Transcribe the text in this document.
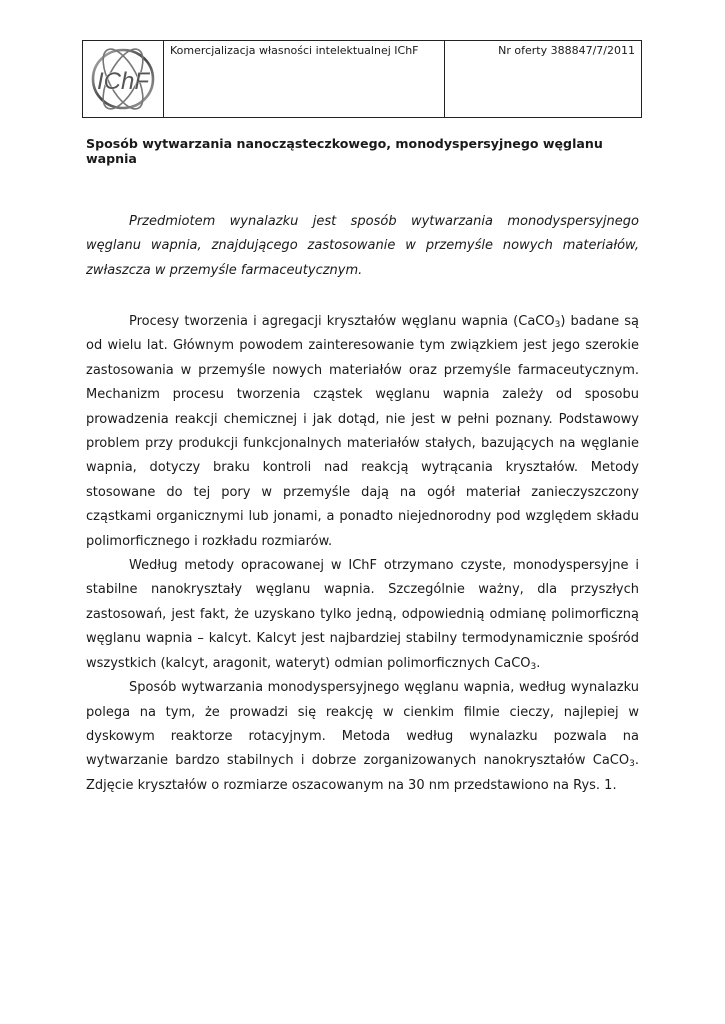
IChF
	Komercjalizacja własności intelektualnej IChF	Nr oferty 388847/7/2011
Sposób wytwarzania nanocząsteczkowego, monodyspersyjnego węglanu wapnia

Przedmiotem wynalazku jest sposób wytwarzania monodyspersyjnego węglanu wapnia, znajdującego zastosowanie w przemyśle nowych materiałów, zwłaszcza w przemyśle farmaceutycznym.

Procesy tworzenia i agregacji kryształów węglanu wapnia (CaCO$_3$) badane są od wielu lat. Głównym powodem zainteresowanie tym związkiem jest jego szerokie zastosowania w przemyśle nowych materiałów oraz przemyśle farmaceutycznym. Mechanizm procesu tworzenia cząstek węglanu wapnia zależy od sposobu prowadzenia reakcji chemicznej i jak dotąd, nie jest w pełni poznany. Podstawowy problem przy produkcji funkcjonalnych materiałów stałych, bazujących na węglanie wapnia, dotyczy braku kontroli nad reakcją wytrącania kryształów. Metody stosowane do tej pory w przemyśle dają na ogół materiał zanieczyszczony cząstkami organicznymi lub jonami, a ponadto niejednorodny pod względem składu polimorficznego i rozkładu rozmiarów.

Według metody opracowanej w IChF otrzymano czyste, monodyspersyjne i stabilne nanokryształy węglanu wapnia. Szczególnie ważny, dla przyszłych zastosowań, jest fakt, że uzyskano tylko jedną, odpowiednią odmianę polimorficzną węglanu wapnia – kalcyt. Kalcyt jest najbardziej stabilny termodynamicznie spośród wszystkich (kalcyt, aragonit, wateryt) odmian polimorficznych CaCO$_3$.

Sposób wytwarzania monodyspersyjnego węglanu wapnia, według wynalazku polega na tym, że prowadzi się reakcję w cienkim filmie cieczy, najlepiej w dyskowym reaktorze rotacyjnym. Metoda według wynalazku pozwala na wytwarzanie bardzo stabilnych i dobrze zorganizowanych nanokryształów CaCO$_3$. Zdjęcie kryształów o rozmiarze oszacowanym na 30 nm przedstawiono na Rys. 1.
